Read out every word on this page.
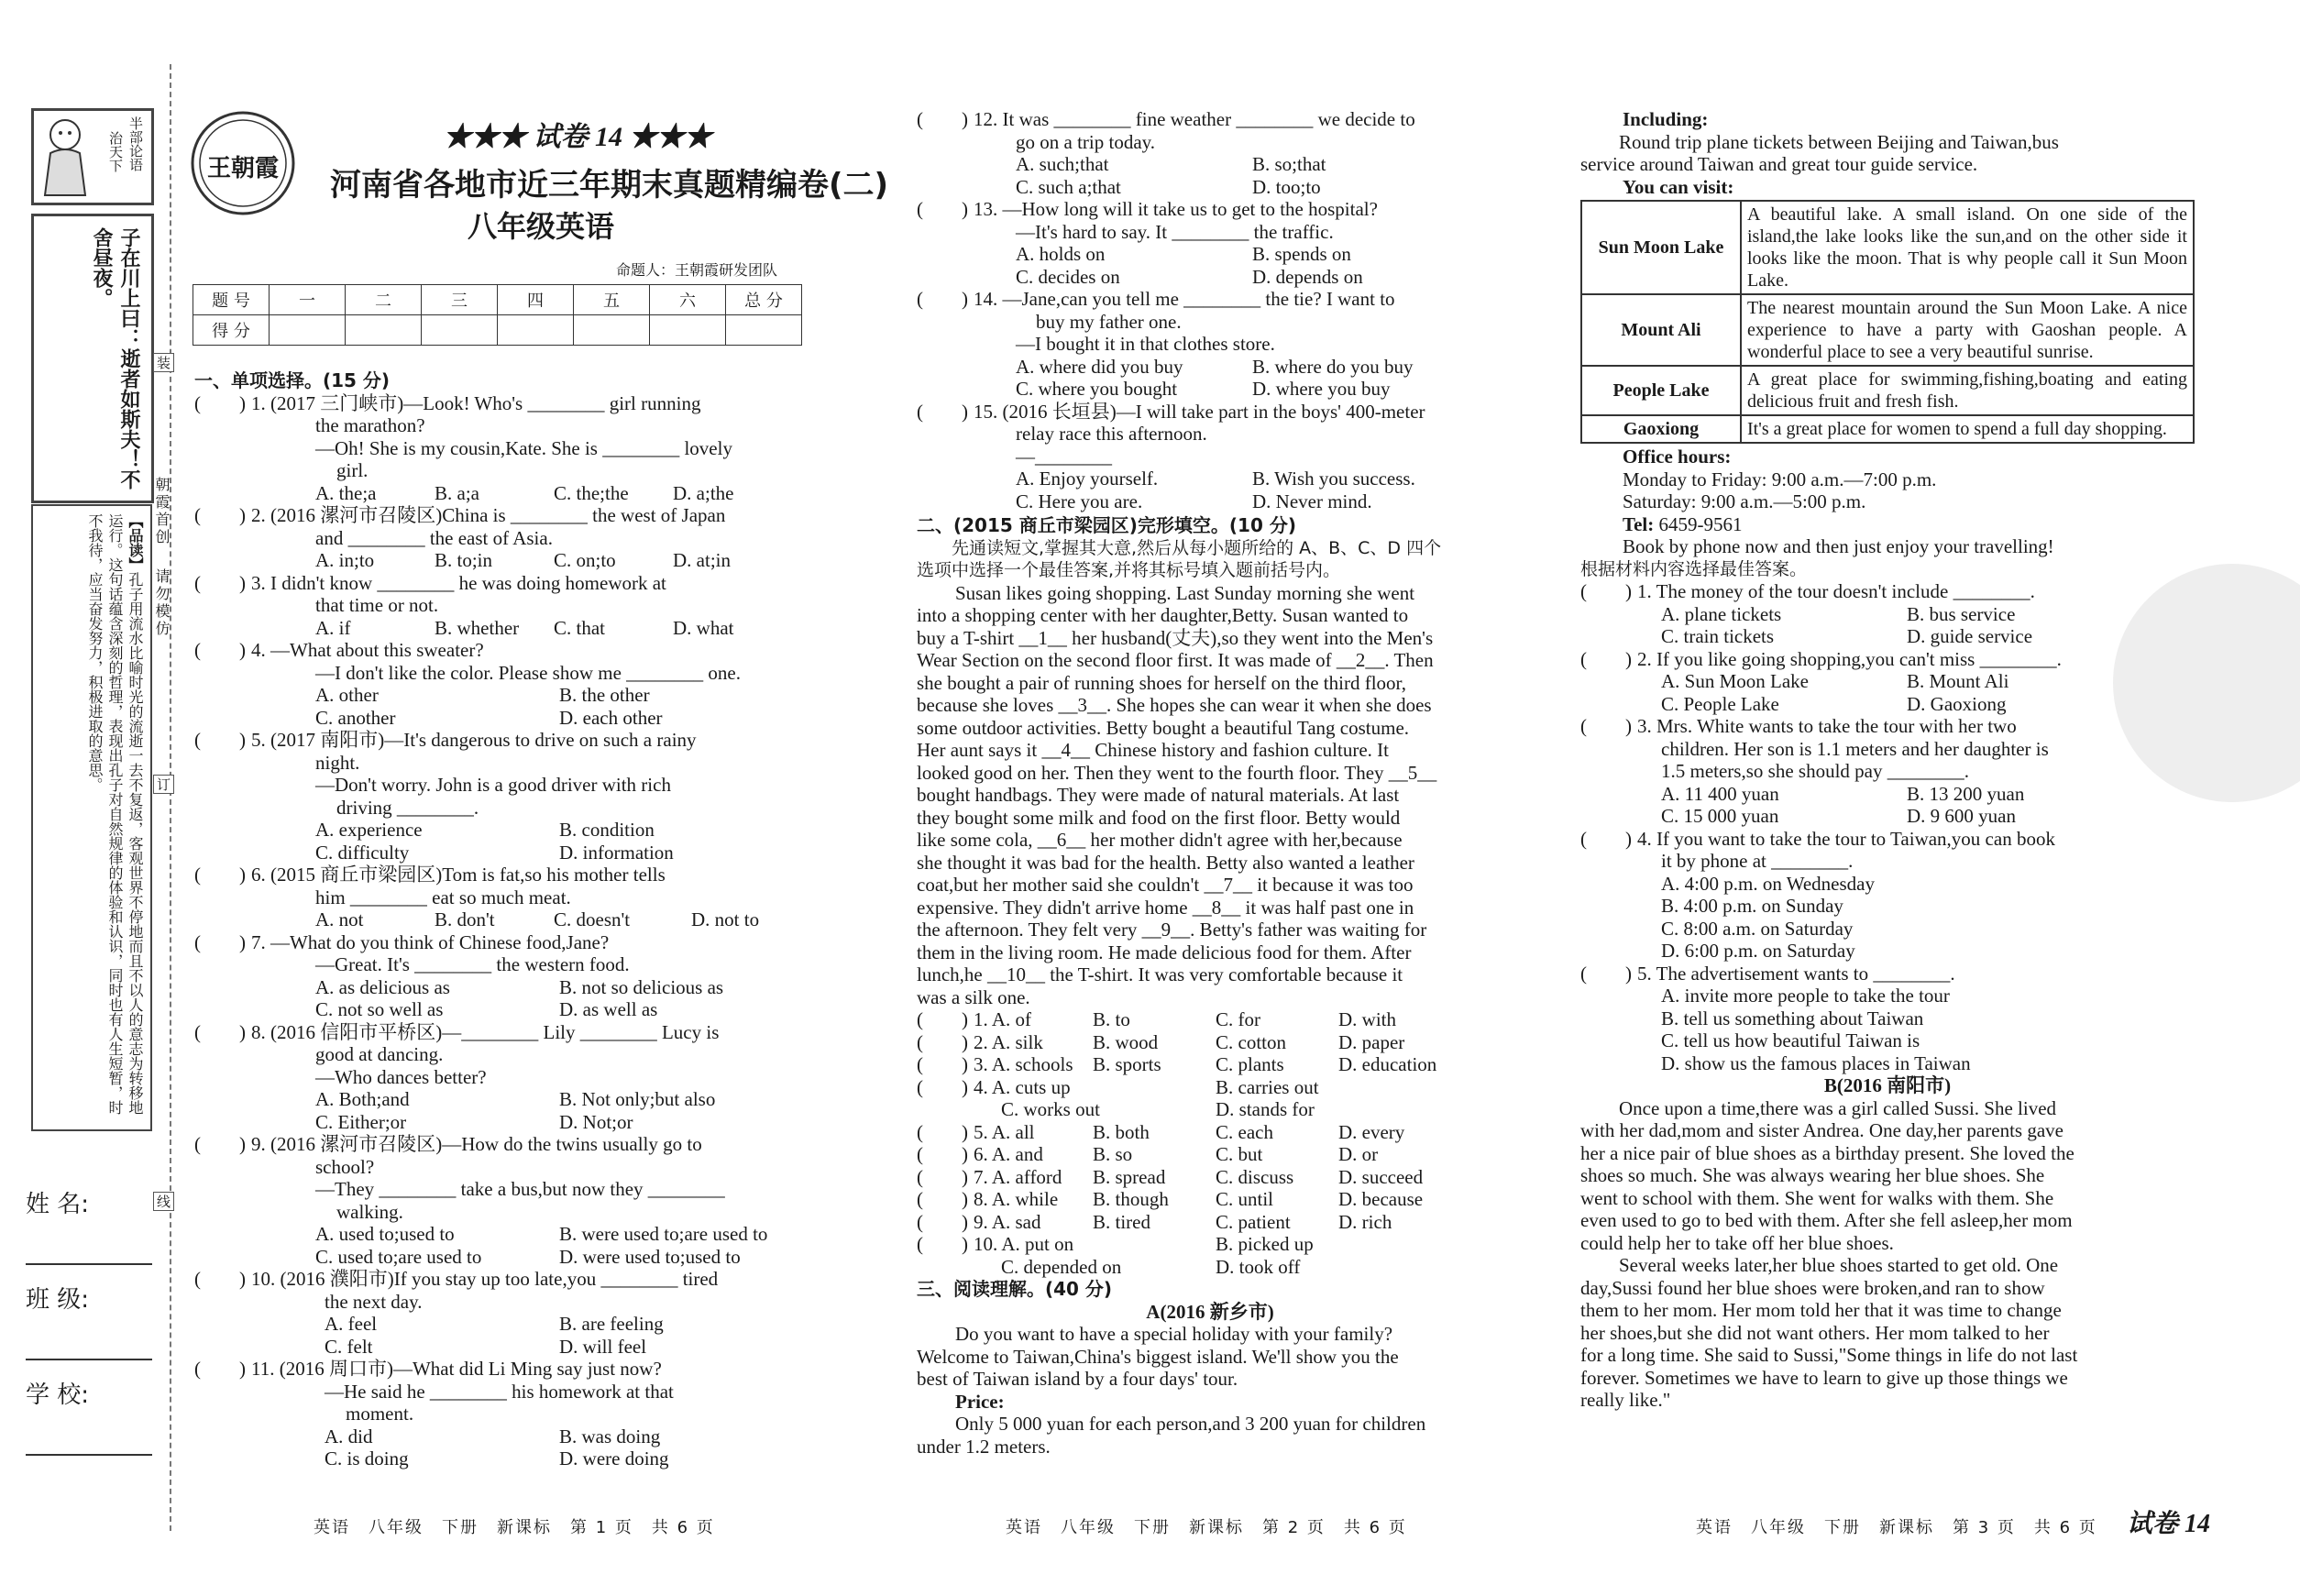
半部论语
治天下
子在川上曰：逝者如斯夫！不舍昼夜。
【品读】孔子用流水比喻时光的流逝一去不复返，客观世界不停地而且不以人的意志为转移地运行。这句话蕴含深刻的哲理，表现出孔子对自然规律的体验和认识，同时也有人生短暂，时不我待，应当奋发努力，积极进取的意思。
姓 名:
班 级:
学 校:
装
订
线
朝霞首创
请勿模仿
王朝霞
★★★ 试卷 14 ★★★
河南省各地市近三年期末真题精编卷(二)
八年级英语
命题人：王朝霞研发团队
题 号	一	二	三	四	五	六	总 分
得 分							

一、单项选择。(15 分)

(　　) 1. (2017 三门峡市)—Look! Who's ________ girl running

the marathon?

—Oh! She is my cousin,Kate. She is ________ lovely

girl.

A. the;a	B. a;a	C. the;the	D. a;the

(　　) 2. (2016 漯河市召陵区)China is ________ the west of Japan

and ________ the east of Asia.

A. in;to	B. to;in	C. on;to	D. at;in

(　　) 3. I didn't know ________ he was doing homework at

that time or not.

A. if	B. whether	C. that	D. what

(　　) 4. —What about this sweater?

—I don't like the color. Please show me ________ one.

A. other	B. the other

C. another	D. each other

(　　) 5. (2017 南阳市)—It's dangerous to drive on such a rainy

night.

—Don't worry. John is a good driver with rich

driving ________.

A. experience	B. condition

C. difficulty	D. information

(　　) 6. (2015 商丘市梁园区)Tom is fat,so his mother tells

him ________ eat so much meat.

A. not	B. don't	C. doesn't	D. not to

(　　) 7. —What do you think of Chinese food,Jane?

—Great. It's ________ the western food.

A. as delicious as	B. not so delicious as

C. not so well as	D. as well as

(　　) 8. (2016 信阳市平桥区)—________ Lily ________ Lucy is

good at dancing.

—Who dances better?

A. Both;and	B. Not only;but also

C. Either;or	D. Not;or

(　　) 9. (2016 漯河市召陵区)—How do the twins usually go to

school?

—They ________ take a bus,but now they ________

walking.

A. used to;used to	B. were used to;are used to

C. used to;are used to	D. were used to;used to

(　　) 10. (2016 濮阳市)If you stay up too late,you ________ tired

the next day.

A. feel	B. are feeling

C. felt	D. will feel

(　　) 11. (2016 周口市)—What did Li Ming say just now?

—He said he ________ his homework at that

moment.

A. did	B. was doing

C. is doing	D. were doing

(　　) 12. It was ________ fine weather ________ we decide to

go on a trip today.

A. such;that	B. so;that

C. such a;that	D. too;to

(　　) 13. —How long will it take us to get to the hospital?

—It's hard to say. It ________ the traffic.

A. holds on	B. spends on

C. decides on	D. depends on

(　　) 14. —Jane,can you tell me ________ the tie? I want to

buy my father one.

—I bought it in that clothes store.

A. where did you buy	B. where do you buy

C. where you bought	D. where you buy

(　　) 15. (2016 长垣县)—I will take part in the boys' 400-meter

relay race this afternoon.

—________

A. Enjoy yourself.	B. Wish you success.

C. Here you are.	D. Never mind.

二、(2015 商丘市梁园区)完形填空。(10 分)

先通读短文,掌握其大意,然后从每小题所给的 A、B、C、D 四个

选项中选择一个最佳答案,并将其标号填入题前括号内。

Susan likes going shopping. Last Sunday morning she went

into a shopping center with her daughter,Betty. Susan wanted to

buy a T-shirt __1__ her husband(丈夫),so they went into the Men's

Wear Section on the second floor first. It was made of __2__. Then

she bought a pair of running shoes for herself on the third floor,

because she loves __3__. She hopes she can wear it when she does

some outdoor activities. Betty bought a beautiful Tang costume.

Her aunt says it __4__ Chinese history and fashion culture. It

looked good on her. Then they went to the fourth floor. They __5__

bought handbags. They were made of natural materials. At last

they bought some milk and food on the first floor. Betty would

like some cola, __6__ her mother didn't agree with her,because

she thought it was bad for the health. Betty also wanted a leather

coat,but her mother said she couldn't __7__ it because it was too

expensive. They didn't arrive home __8__ it was half past one in

the afternoon. They felt very __9__. Betty's father was waiting for

them in the living room. He made delicious food for them. After

lunch,he __10__ the T-shirt. It was very comfortable because it

was a silk one.

(　　) 1. A. of	B. to	C. for	D. with

(　　) 2. A. silk	B. wood	C. cotton	D. paper

(　　) 3. A. schools	B. sports	C. plants	D. education

(　　) 4. A. cuts up	B. carries out

C. works out	D. stands for

(　　) 5. A. all	B. both	C. each	D. every

(　　) 6. A. and	B. so	C. but	D. or

(　　) 7. A. afford	B. spread	C. discuss	D. succeed

(　　) 8. A. while	B. though	C. until	D. because

(　　) 9. A. sad	B. tired	C. patient	D. rich

(　　) 10. A. put on	B. picked up

C. depended on	D. took off

三、阅读理解。(40 分)

A(2016 新乡市)

Do you want to have a special holiday with your family?

Welcome to Taiwan,China's biggest island. We'll show you the

best of Taiwan island by a four days' tour.

Price:

Only 5 000 yuan for each person,and 3 200 yuan for children

under 1.2 meters.

Including:

Round trip plane tickets between Beijing and Taiwan,bus

service around Taiwan and great tour guide service.

You can visit:

Sun Moon Lake	A beautiful lake. A small island. On one side of the island,the lake looks like the sun,and on the other side it looks like the moon. That is why people call it Sun Moon Lake.
Mount Ali	The nearest mountain around the Sun Moon Lake. A nice experience to have a party with Gaoshan people. A wonderful place to see a very beautiful sunrise.
People Lake	A great place for swimming,fishing,boating and eating delicious fruit and fresh fish.
Gaoxiong	It's a great place for women to spend a full day shopping.

Office hours:

Monday to Friday: 9:00 a.m.—7:00 p.m.

Saturday: 9:00 a.m.—5:00 p.m.

Tel: 6459-9561

Book by phone now and then just enjoy your travelling!

根据材料内容选择最佳答案。

(　　) 1. The money of the tour doesn't include ________.

A. plane tickets	B. bus service

C. train tickets	D. guide service

(　　) 2. If you like going shopping,you can't miss ________.

A. Sun Moon Lake	B. Mount Ali

C. People Lake	D. Gaoxiong

(　　) 3. Mrs. White wants to take the tour with her two

children. Her son is 1.1 meters and her daughter is

1.5 meters,so she should pay ________.

A. 11 400 yuan	B. 13 200 yuan

C. 15 000 yuan	D. 9 600 yuan

(　　) 4. If you want to take the tour to Taiwan,you can book

it by phone at ________.

A. 4:00 p.m. on Wednesday

B. 4:00 p.m. on Sunday

C. 8:00 a.m. on Saturday

D. 6:00 p.m. on Saturday

(　　) 5. The advertisement wants to ________.

A. invite more people to take the tour

B. tell us something about Taiwan

C. tell us how beautiful Taiwan is

D. show us the famous places in Taiwan

B(2016 南阳市)

Once upon a time,there was a girl called Sussi. She lived

with her dad,mom and sister Andrea. One day,her parents gave

her a nice pair of blue shoes as a birthday present. She loved the

shoes so much. She was always wearing her blue shoes. She

went to school with them. She went for walks with them. She

even used to go to bed with them. After she fell asleep,her mom

could help her to take off her blue shoes.

Several weeks later,her blue shoes started to get old. One

day,Sussi found her blue shoes were broken,and ran to show

them to her mom. Her mom told her that it was time to change

her shoes,but she did not want others. Her mom talked to her

for a long time. She said to Sussi,"Some things in life do not last

forever. Sometimes we have to learn to give up those things we

really like."

英语　八年级　下册　新课标　第 1 页　共 6 页	英语　八年级　下册　新课标　第 2 页　共 6 页	英语　八年级　下册　新课标　第 3 页　共 6 页 试卷 14
